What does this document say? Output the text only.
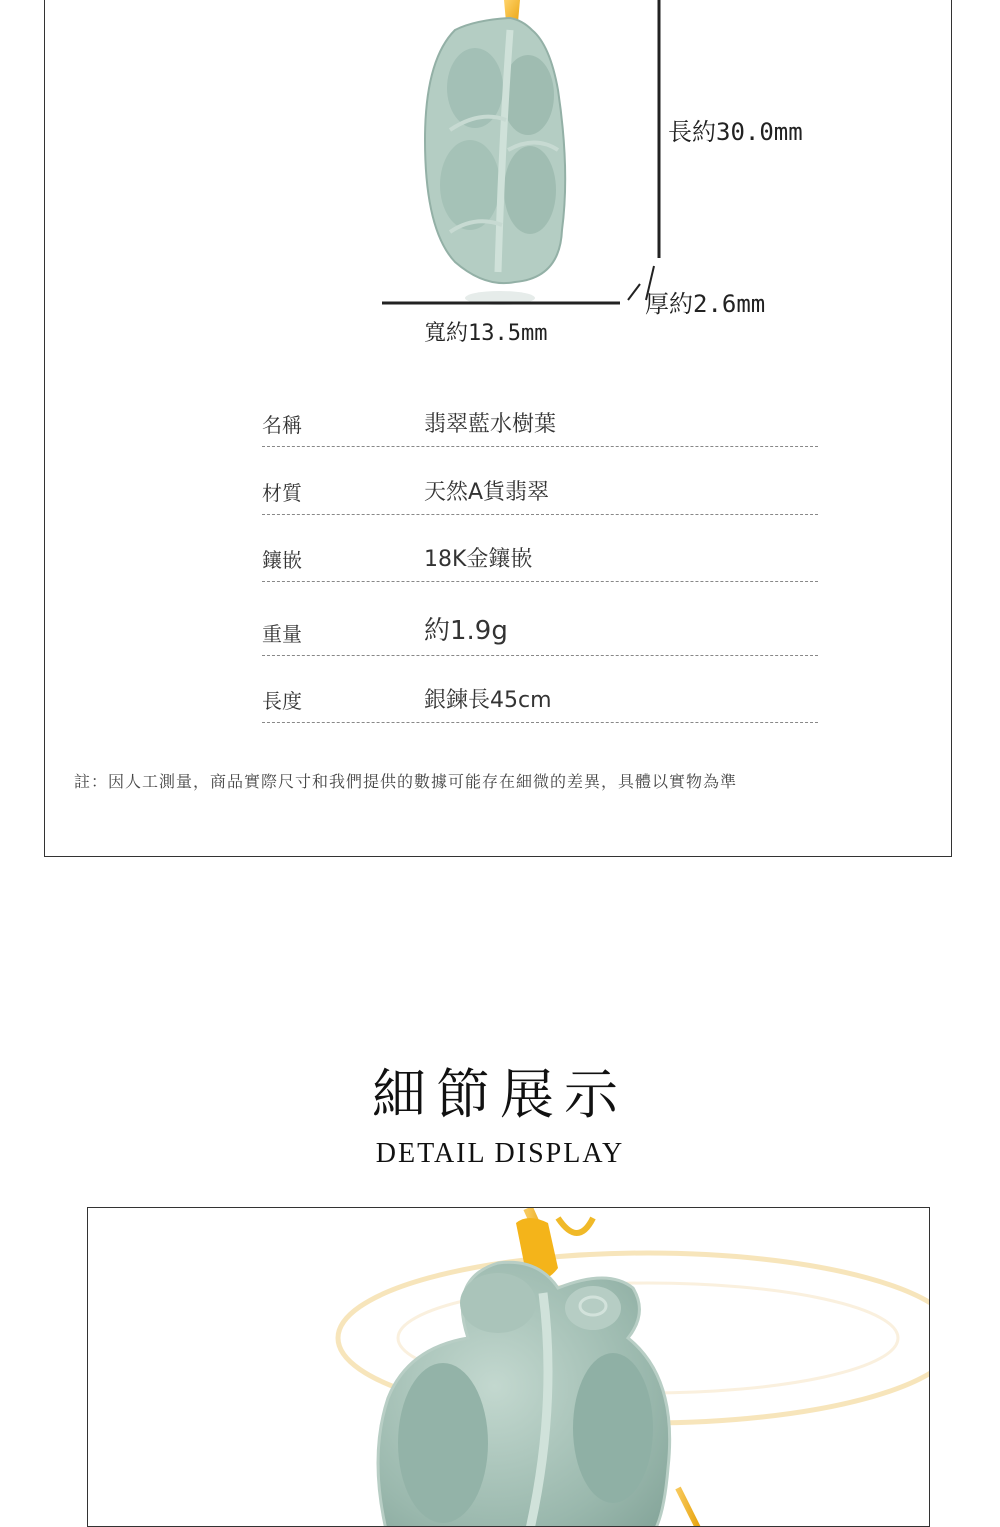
長約30.0mm
厚約2.6mm
寬約13.5mm
名稱	翡翠藍水樹葉
材質	天然A貨翡翠
鑲嵌	18K金鑲嵌
重量	約1.9g
長度	銀鍊長45cm
註：因人工測量，商品實際尺寸和我們提供的數據可能存在細微的差異，具體以實物為準
細節展示
DETAIL DISPLAY
